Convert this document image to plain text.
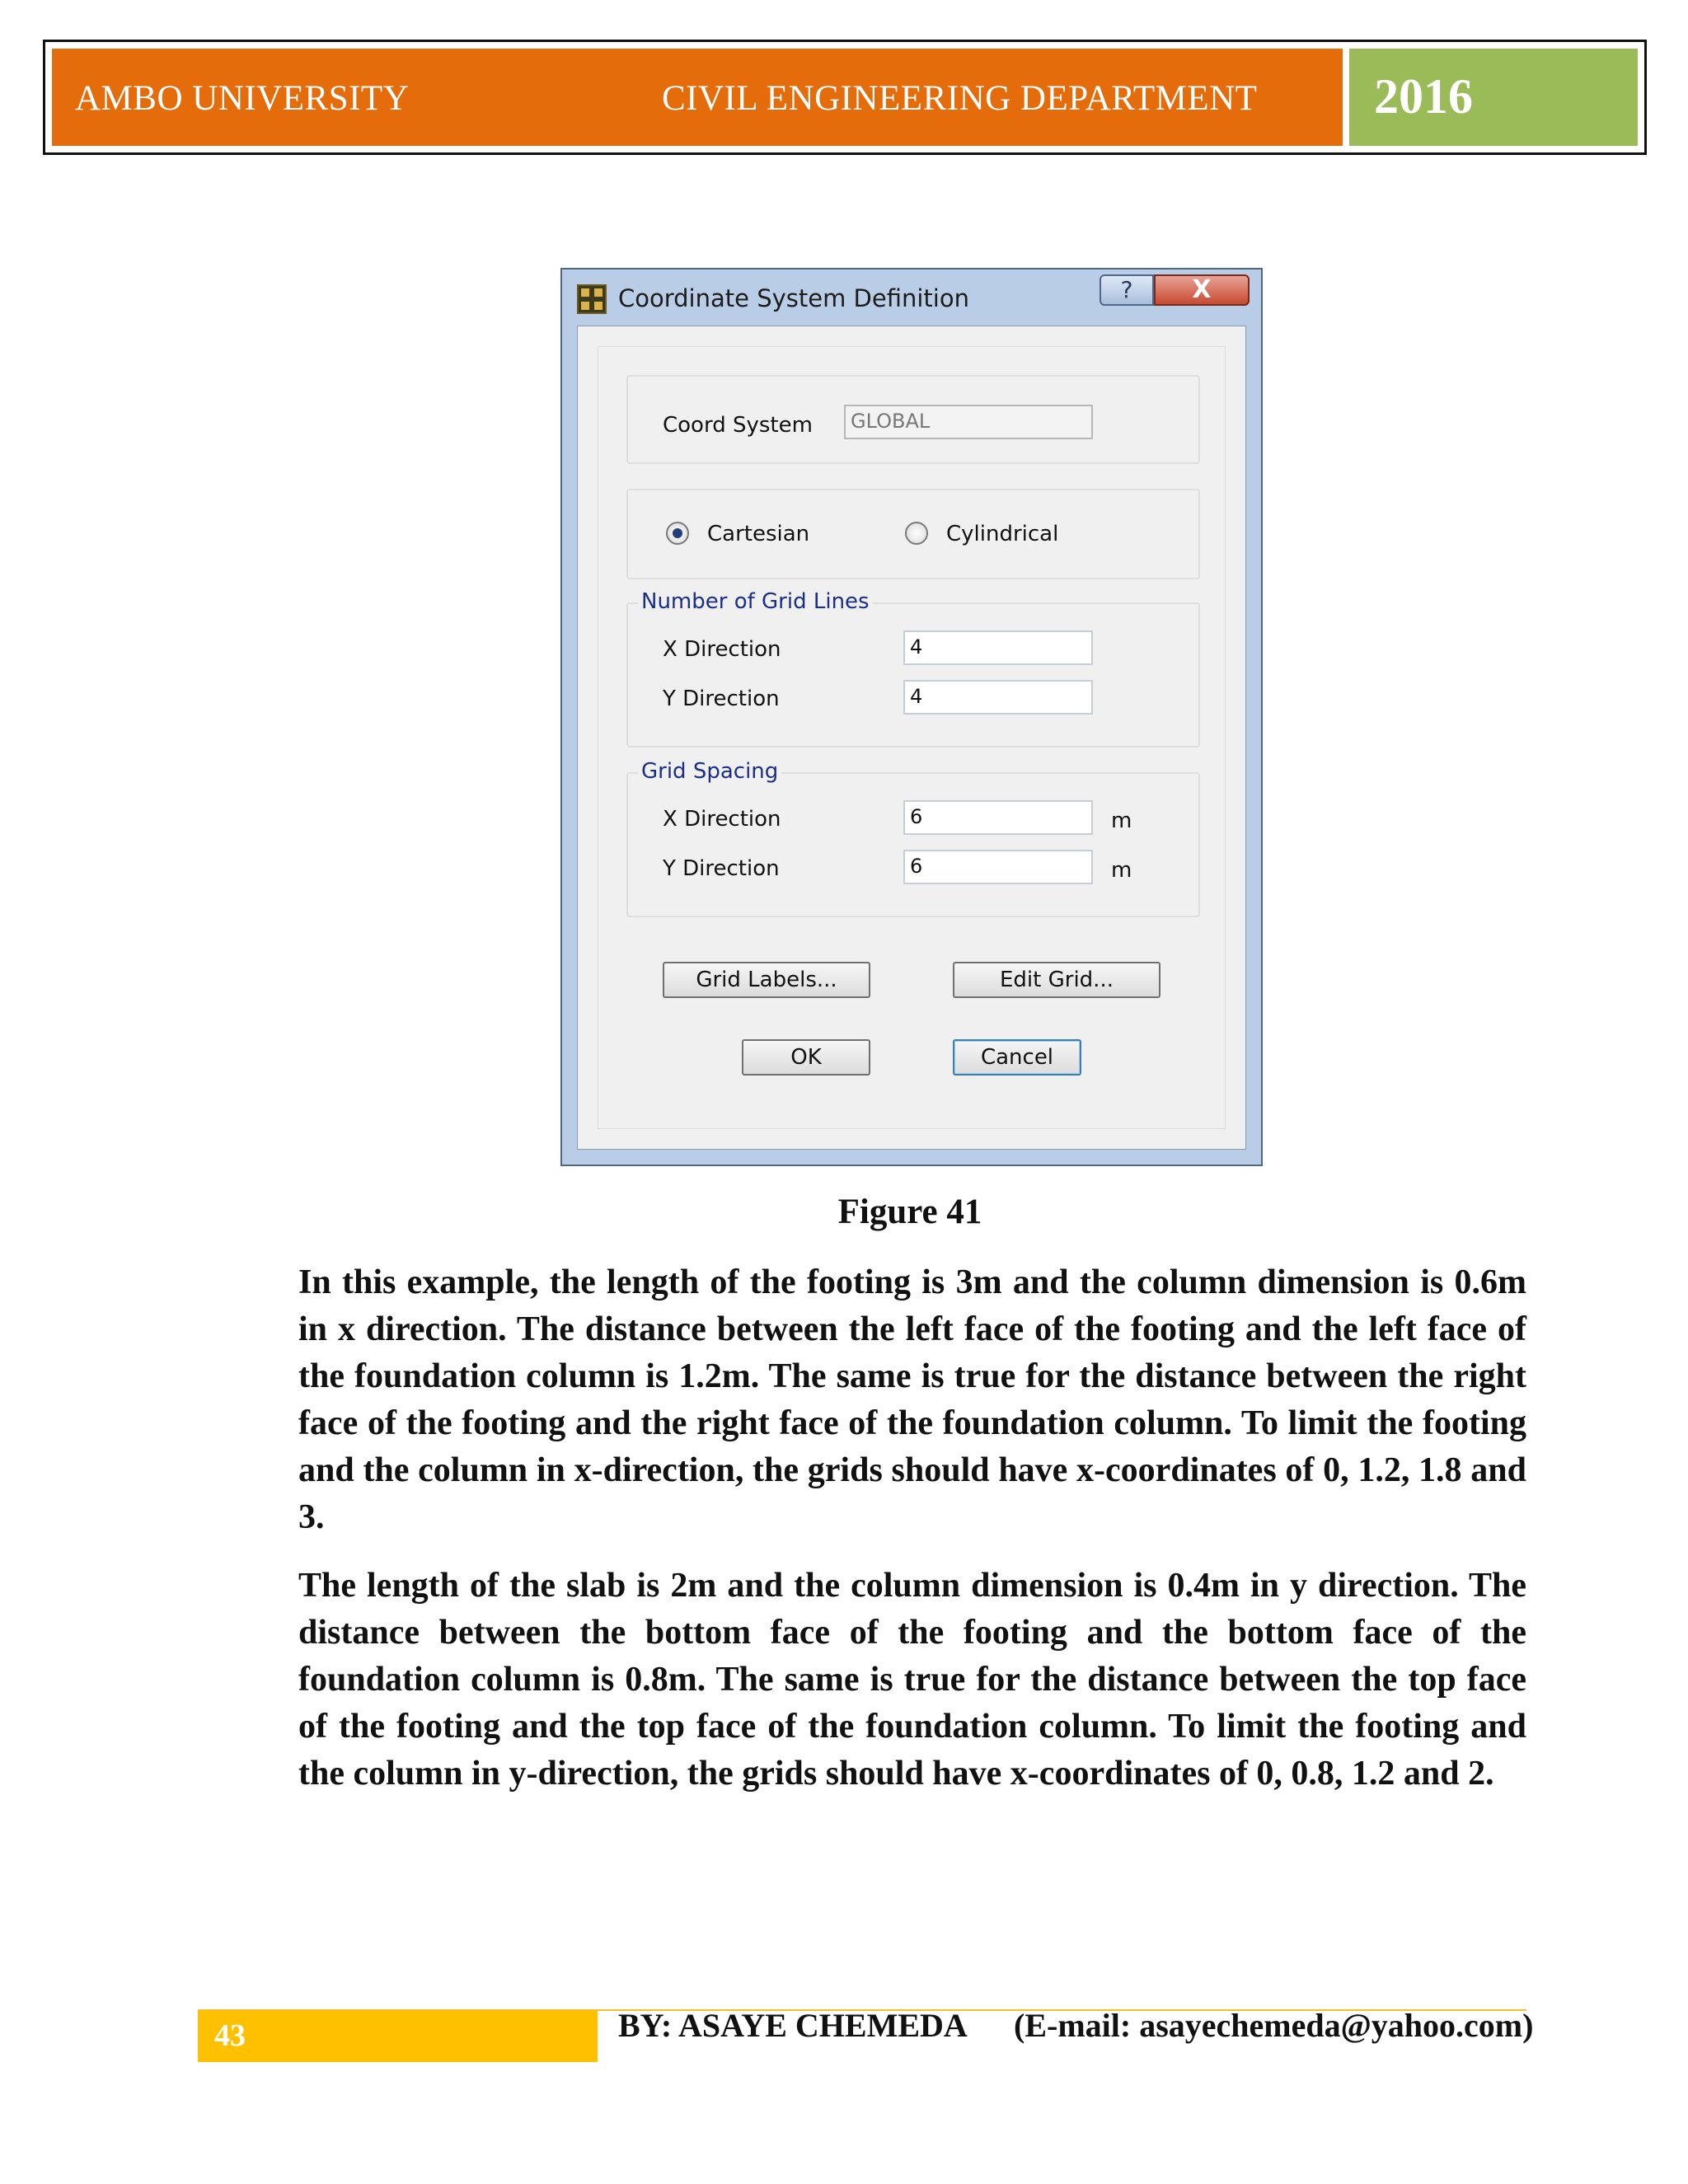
AMBO UNIVERSITY	CIVIL ENGINEERING DEPARTMENT 2016
Coordinate System Definition	?	X
Coord System	GLOBAL
Cartesian	Cylindrical
Number of Grid Lines
X Direction	4
Y Direction	4
Grid Spacing
X Direction	6	m
Y Direction	6	m
Grid Labels...	Edit Grid...
OK	Cancel
Figure 41

In this example, the length of the footing is 3m and the column dimension is 0.6m in x direction. The distance between the left face of the footing and the left face of the foundation column is 1.2m. The same is true for the distance between the right face of the footing and the right face of the foundation column. To limit the footing and the column in x-direction, the grids should have x-coordinates of 0, 1.2, 1.8 and 3.

The length of the slab is 2m and the column dimension is 0.4m in y direction. The distance between the bottom face of the footing and the bottom face of the foundation column is 0.8m. The same is true for the distance between the top face of the footing and the top face of the foundation column. To limit the footing and the column in y-direction, the grids should have x-coordinates of 0, 0.8, 1.2 and 2.

43	BY: ASAYE CHEMEDA (E-mail: asayechemeda@yahoo.com)
